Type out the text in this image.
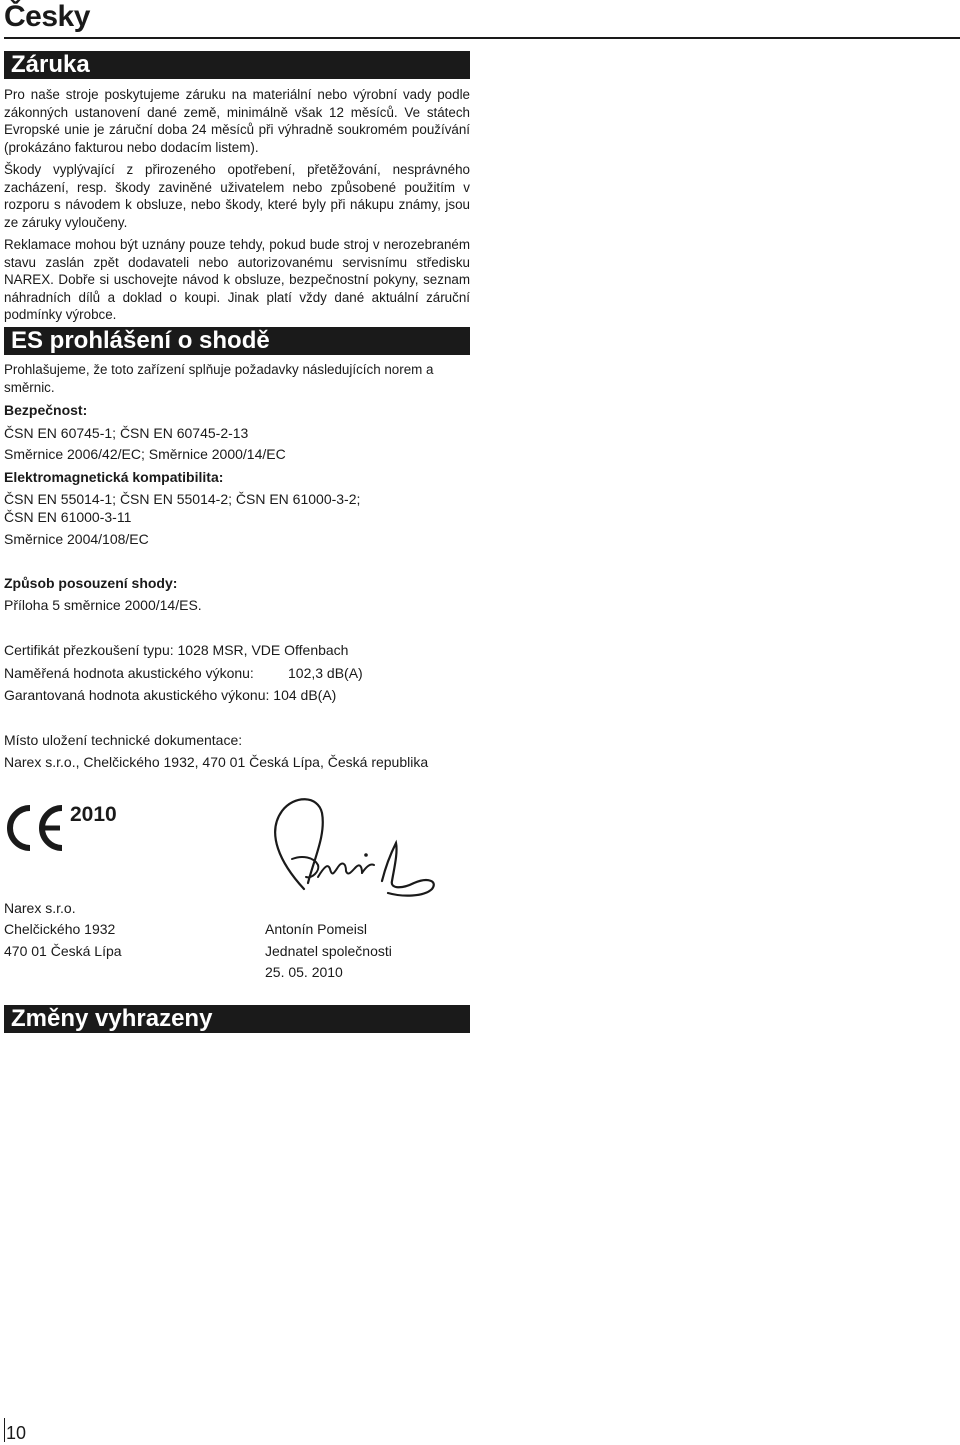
Česky
Záruka

Pro naše stroje poskytujeme záruku na materiální nebo výrobní vady podle zákonných ustanovení dané země, minimálně však 12 měsíců. Ve státech Evropské unie je záruční doba 24 měsíců při výhradně soukromém používání (prokázáno fakturou nebo dodacím listem).

Škody vyplývající z přirozeného opotřebení, přetěžování, nesprávného zacházení, resp. škody zaviněné uživatelem nebo způsobené použitím v rozporu s návodem k obsluze, nebo škody, které byly při nákupu známy, jsou ze záruky vyloučeny.

Reklamace mohou být uznány pouze tehdy, pokud bude stroj v nerozebraném stavu zaslán zpět dodavateli nebo autorizovanému servisnímu středisku NAREX. Dobře si uschovejte návod k obsluze, bezpečnostní pokyny, seznam náhradních dílů a doklad o koupi. Jinak platí vždy dané aktuální záruční podmínky výrobce.

ES prohlášení o shodě
Prohlašujeme, že toto zařízení splňuje požadavky následujících norem a směrnic.
Bezpečnost:
ČSN EN 60745-1; ČSN EN 60745-2-13
Směrnice 2006/42/EC; Směrnice 2000/14/EC
Elektromagnetická kompatibilita:
ČSN EN 55014-1; ČSN EN 55014-2; ČSN EN 61000-3-2;
ČSN EN 61000-3-11
Směrnice 2004/108/EC
Způsob posouzení shody:
Příloha 5 směrnice 2000/14/ES.
Certifikát přezkoušení typu: 1028 MSR, VDE Offenbach
Naměřená hodnota akustického výkonu: 102,3 dB(A)
Garantovaná hodnota akustického výkonu: 104 dB(A)
Místo uložení technické dokumentace:
Narex s.r.o., Chelčického 1932, 470 01 Česká Lípa, Česká republika
2010
Narex s.r.o.
Chelčického 1932
470 01 Česká Lípa
Antonín Pomeisl
Jednatel společnosti
25. 05. 2010
Změny vyhrazeny
10
